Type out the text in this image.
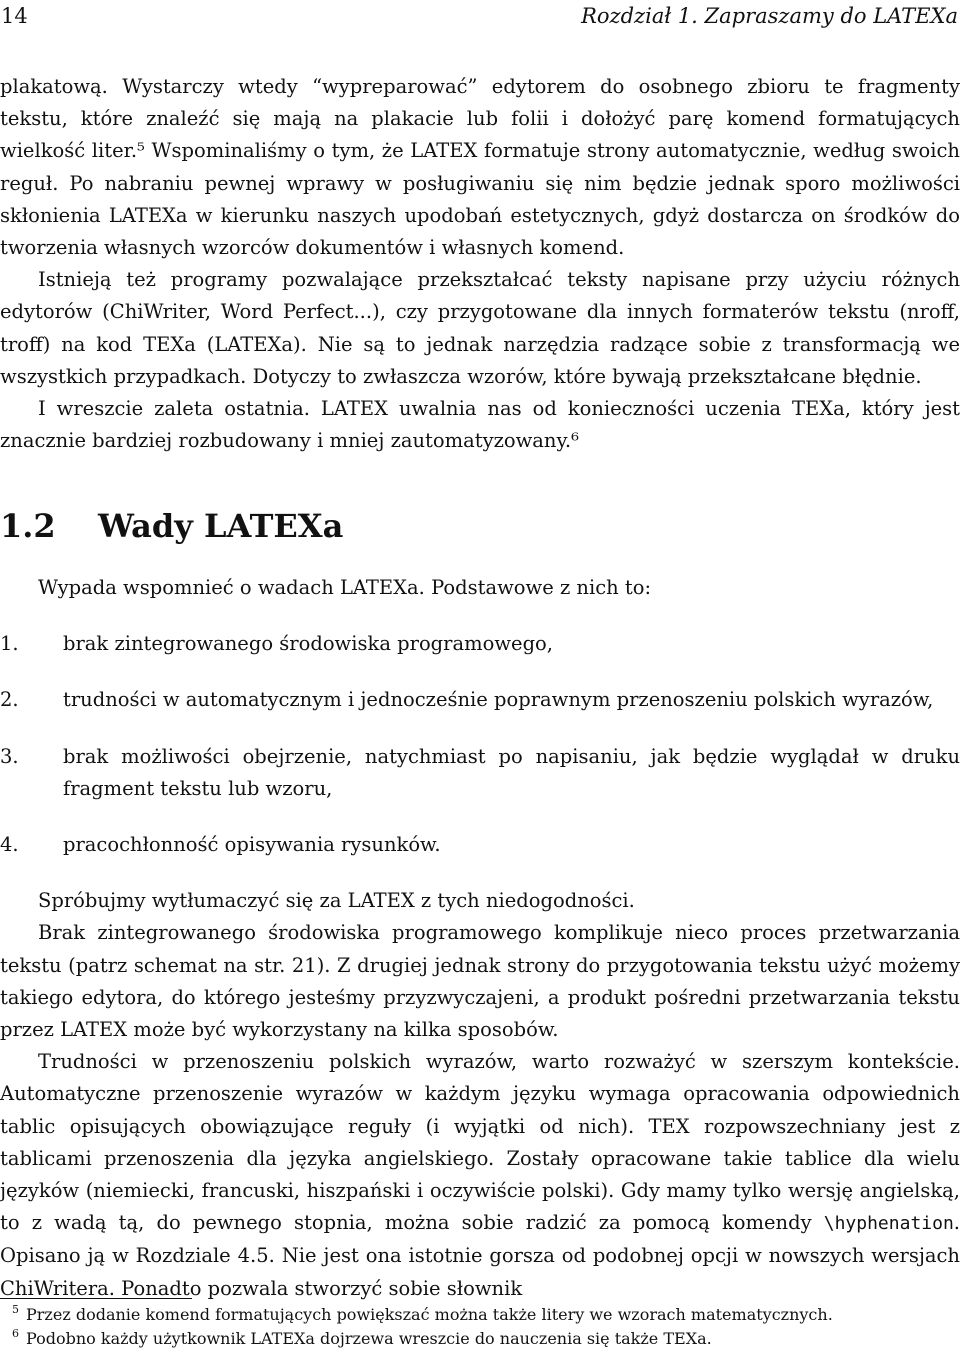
14	Rozdział 1. Zapraszamy do LATEXa

plakatową. Wystarczy wtedy “wypreparować” edytorem do osobnego zbioru te fragmenty tekstu, które znaleźć się mają na plakacie lub folii i dołożyć parę komend formatujących wielkość liter.⁵ Wspominaliśmy o tym, że LATEX formatuje strony automatycznie, według swoich reguł. Po nabraniu pewnej wprawy w posługiwaniu się nim będzie jednak sporo możliwości skłonienia LATEXa w kierunku naszych upodobań estetycznych, gdyż dostarcza on środków do tworzenia własnych wzorców dokumentów i własnych komend.

Istnieją też programy pozwalające przekształcać teksty napisane przy użyciu różnych edytorów (ChiWriter, Word Perfect...), czy przygotowane dla innych formaterów tekstu (nroff, troff) na kod TEXa (LATEXa). Nie są to jednak narzędzia radzące sobie z transformacją we wszystkich przypadkach. Dotyczy to zwłaszcza wzorów, które bywają przekształcane błędnie.

I wreszcie zaleta ostatnia. LATEX uwalnia nas od konieczności uczenia TEXa, który jest znacznie bardziej rozbudowany i mniej zautomatyzowany.⁶

1.2 Wady LATEXa

Wypada wspomnieć o wadach LATEXa. Podstawowe z nich to:

1. brak zintegrowanego środowiska programowego,
2. trudności w automatycznym i jednocześnie poprawnym przenoszeniu polskich wyrazów,
3. brak możliwości obejrzenie, natychmiast po napisaniu, jak będzie wyglądał w druku fragment tekstu lub wzoru,
4. pracochłonność opisywania rysunków.

Spróbujmy wytłumaczyć się za LATEX z tych niedogodności.

Brak zintegrowanego środowiska programowego komplikuje nieco proces przetwarzania tekstu (patrz schemat na str. 21). Z drugiej jednak strony do przygotowania tekstu użyć możemy takiego edytora, do którego jesteśmy przyzwyczajeni, a produkt pośredni przetwarzania tekstu przez LATEX może być wykorzystany na kilka sposobów.

Trudności w przenoszeniu polskich wyrazów, warto rozważyć w szerszym kontekście. Automatyczne przenoszenie wyrazów w każdym języku wymaga opracowania odpowiednich tablic opisujących obowiązujące reguły (i wyjątki od nich). TEX rozpowszechniany jest z tablicami przenoszenia dla języka angielskiego. Zostały opracowane takie tablice dla wielu języków (niemiecki, francuski, hiszpański i oczywiście polski). Gdy mamy tylko wersję angielską, to z wadą tą, do pewnego stopnia, można sobie radzić za pomocą komendy \hyphenation. Opisano ją w Rozdziale 4.5. Nie jest ona istotnie gorsza od podobnej opcji w nowszych wersjach ChiWritera. Ponadto pozwala stworzyć sobie słownik

5 Przez dodanie komend formatujących powiększać można także litery we wzorach matematycznych.
6 Podobno każdy użytkownik LATEXa dojrzewa wreszcie do nauczenia się także TEXa.
